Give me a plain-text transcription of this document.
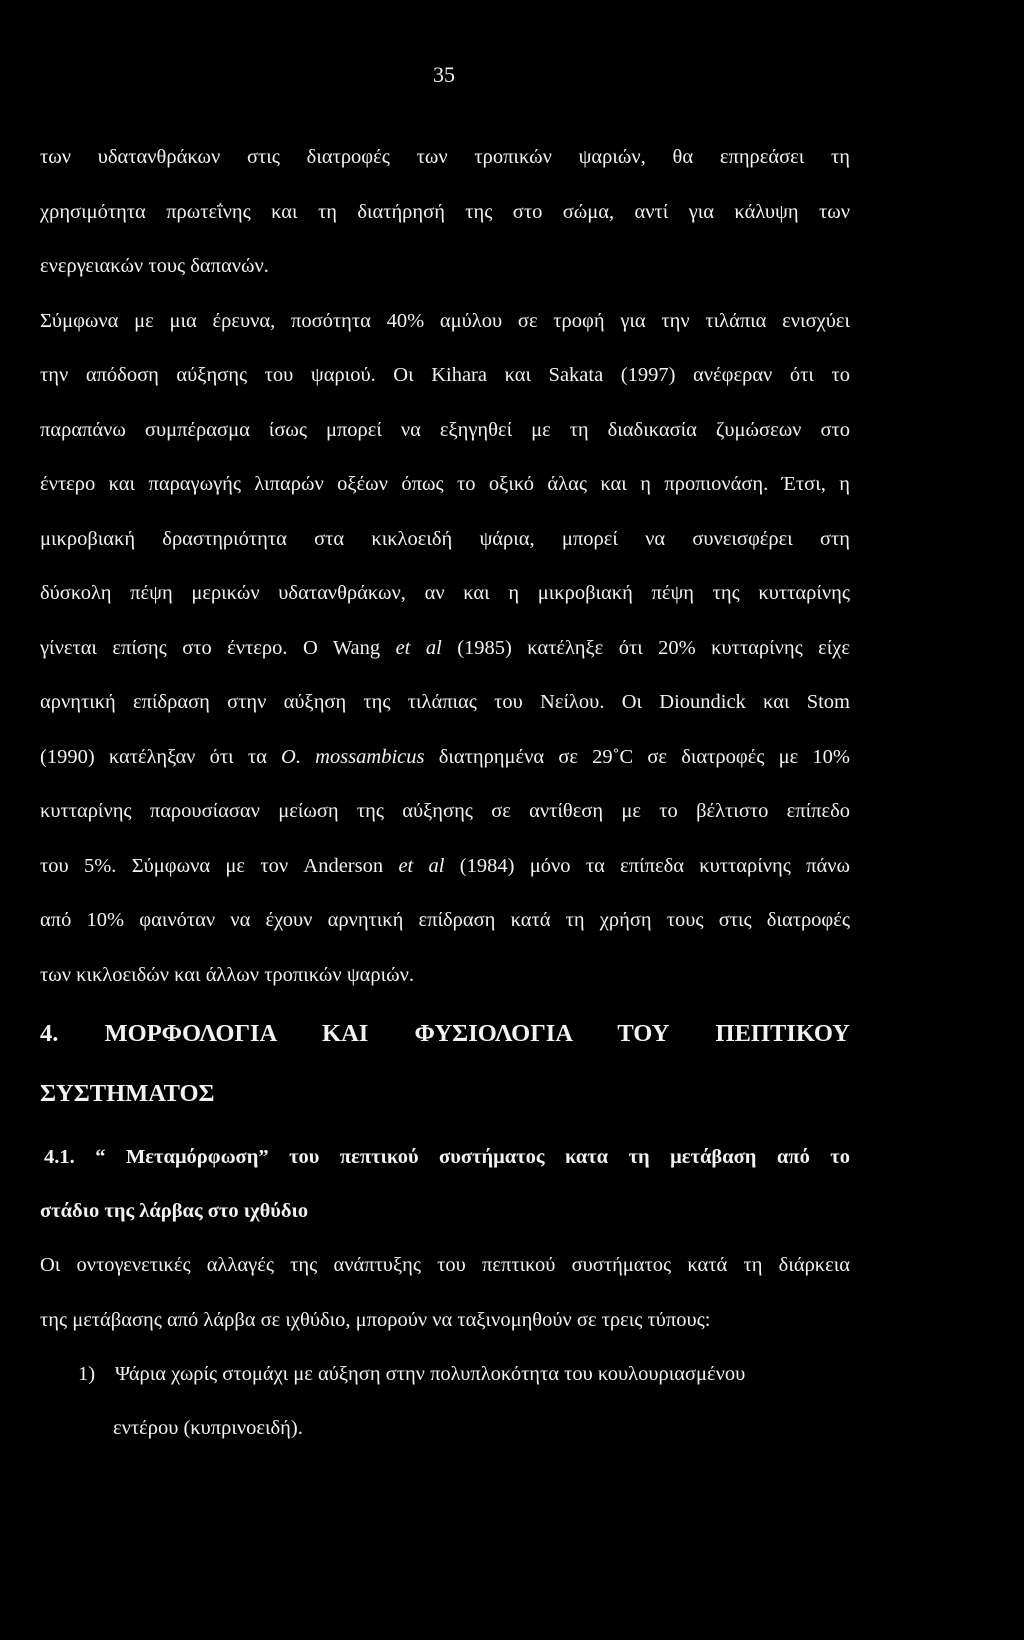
35
των υδατανθράκων στις διατροφές των τροπικών ψαριών, θα επηρεάσει τη
χρησιμότητα πρωτεΐνης και τη διατήρησή της στο σώμα, αντί για κάλυψη των
ενεργειακών τους δαπανών.
Σύμφωνα με μια έρευνα, ποσότητα 40% αμύλου σε τροφή για την τιλάπια ενισχύει
την απόδοση αύξησης του ψαριού. Οι Kihara και Sakata (1997) ανέφεραν ότι το
παραπάνω συμπέρασμα ίσως μπορεί να εξηγηθεί με τη διαδικασία ζυμώσεων στο
έντερο και παραγωγής λιπαρών οξέων όπως το οξικό άλας και η προπιονάση. Έτσι, η
μικροβιακή δραστηριότητα στα κικλοειδή ψάρια, μπορεί να συνεισφέρει στη
δύσκολη πέψη μερικών υδατανθράκων, αν και η μικροβιακή πέψη της κυτταρίνης
γίνεται επίσης στο έντερο. O Wang et al (1985) κατέληξε ότι 20% κυτταρίνης είχε
αρνητική επίδραση στην αύξηση της τιλάπιας του Νείλου. Οι Dioundick και Stom
(1990) κατέληξαν ότι τα O. mossambicus διατηρημένα σε 29˚C σε διατροφές με 10%
κυτταρίνης παρουσίασαν μείωση της αύξησης σε αντίθεση με το βέλτιστο επίπεδο
του 5%. Σύμφωνα με τον Anderson et al (1984) μόνο τα επίπεδα κυτταρίνης πάνω
από 10% φαινόταν να έχουν αρνητική επίδραση κατά τη χρήση τους στις διατροφές
των κικλοειδών και άλλων τροπικών ψαριών.
4. ΜΟΡΦΟΛΟΓΙΑ ΚΑΙ ΦΥΣΙΟΛΟΓΙΑ ΤΟΥ ΠΕΠΤΙΚΟΥ
ΣΥΣΤΗΜΑΤΟΣ
4.1. “ Μεταμόρφωση” του πεπτικού συστήματος κατα τη μετάβαση από το
στάδιο της λάρβας στο ιχθύδιο
Οι οντογενετικές αλλαγές της ανάπτυξης του πεπτικού συστήματος κατά τη διάρκεια
της μετάβασης από λάρβα σε ιχθύδιο, μπορούν να ταξινομηθούν σε τρεις τύπους:
1) Ψάρια χωρίς στομάχι με αύξηση στην πολυπλοκότητα του κουλουριασμένου
εντέρου (κυπρινοειδή).
